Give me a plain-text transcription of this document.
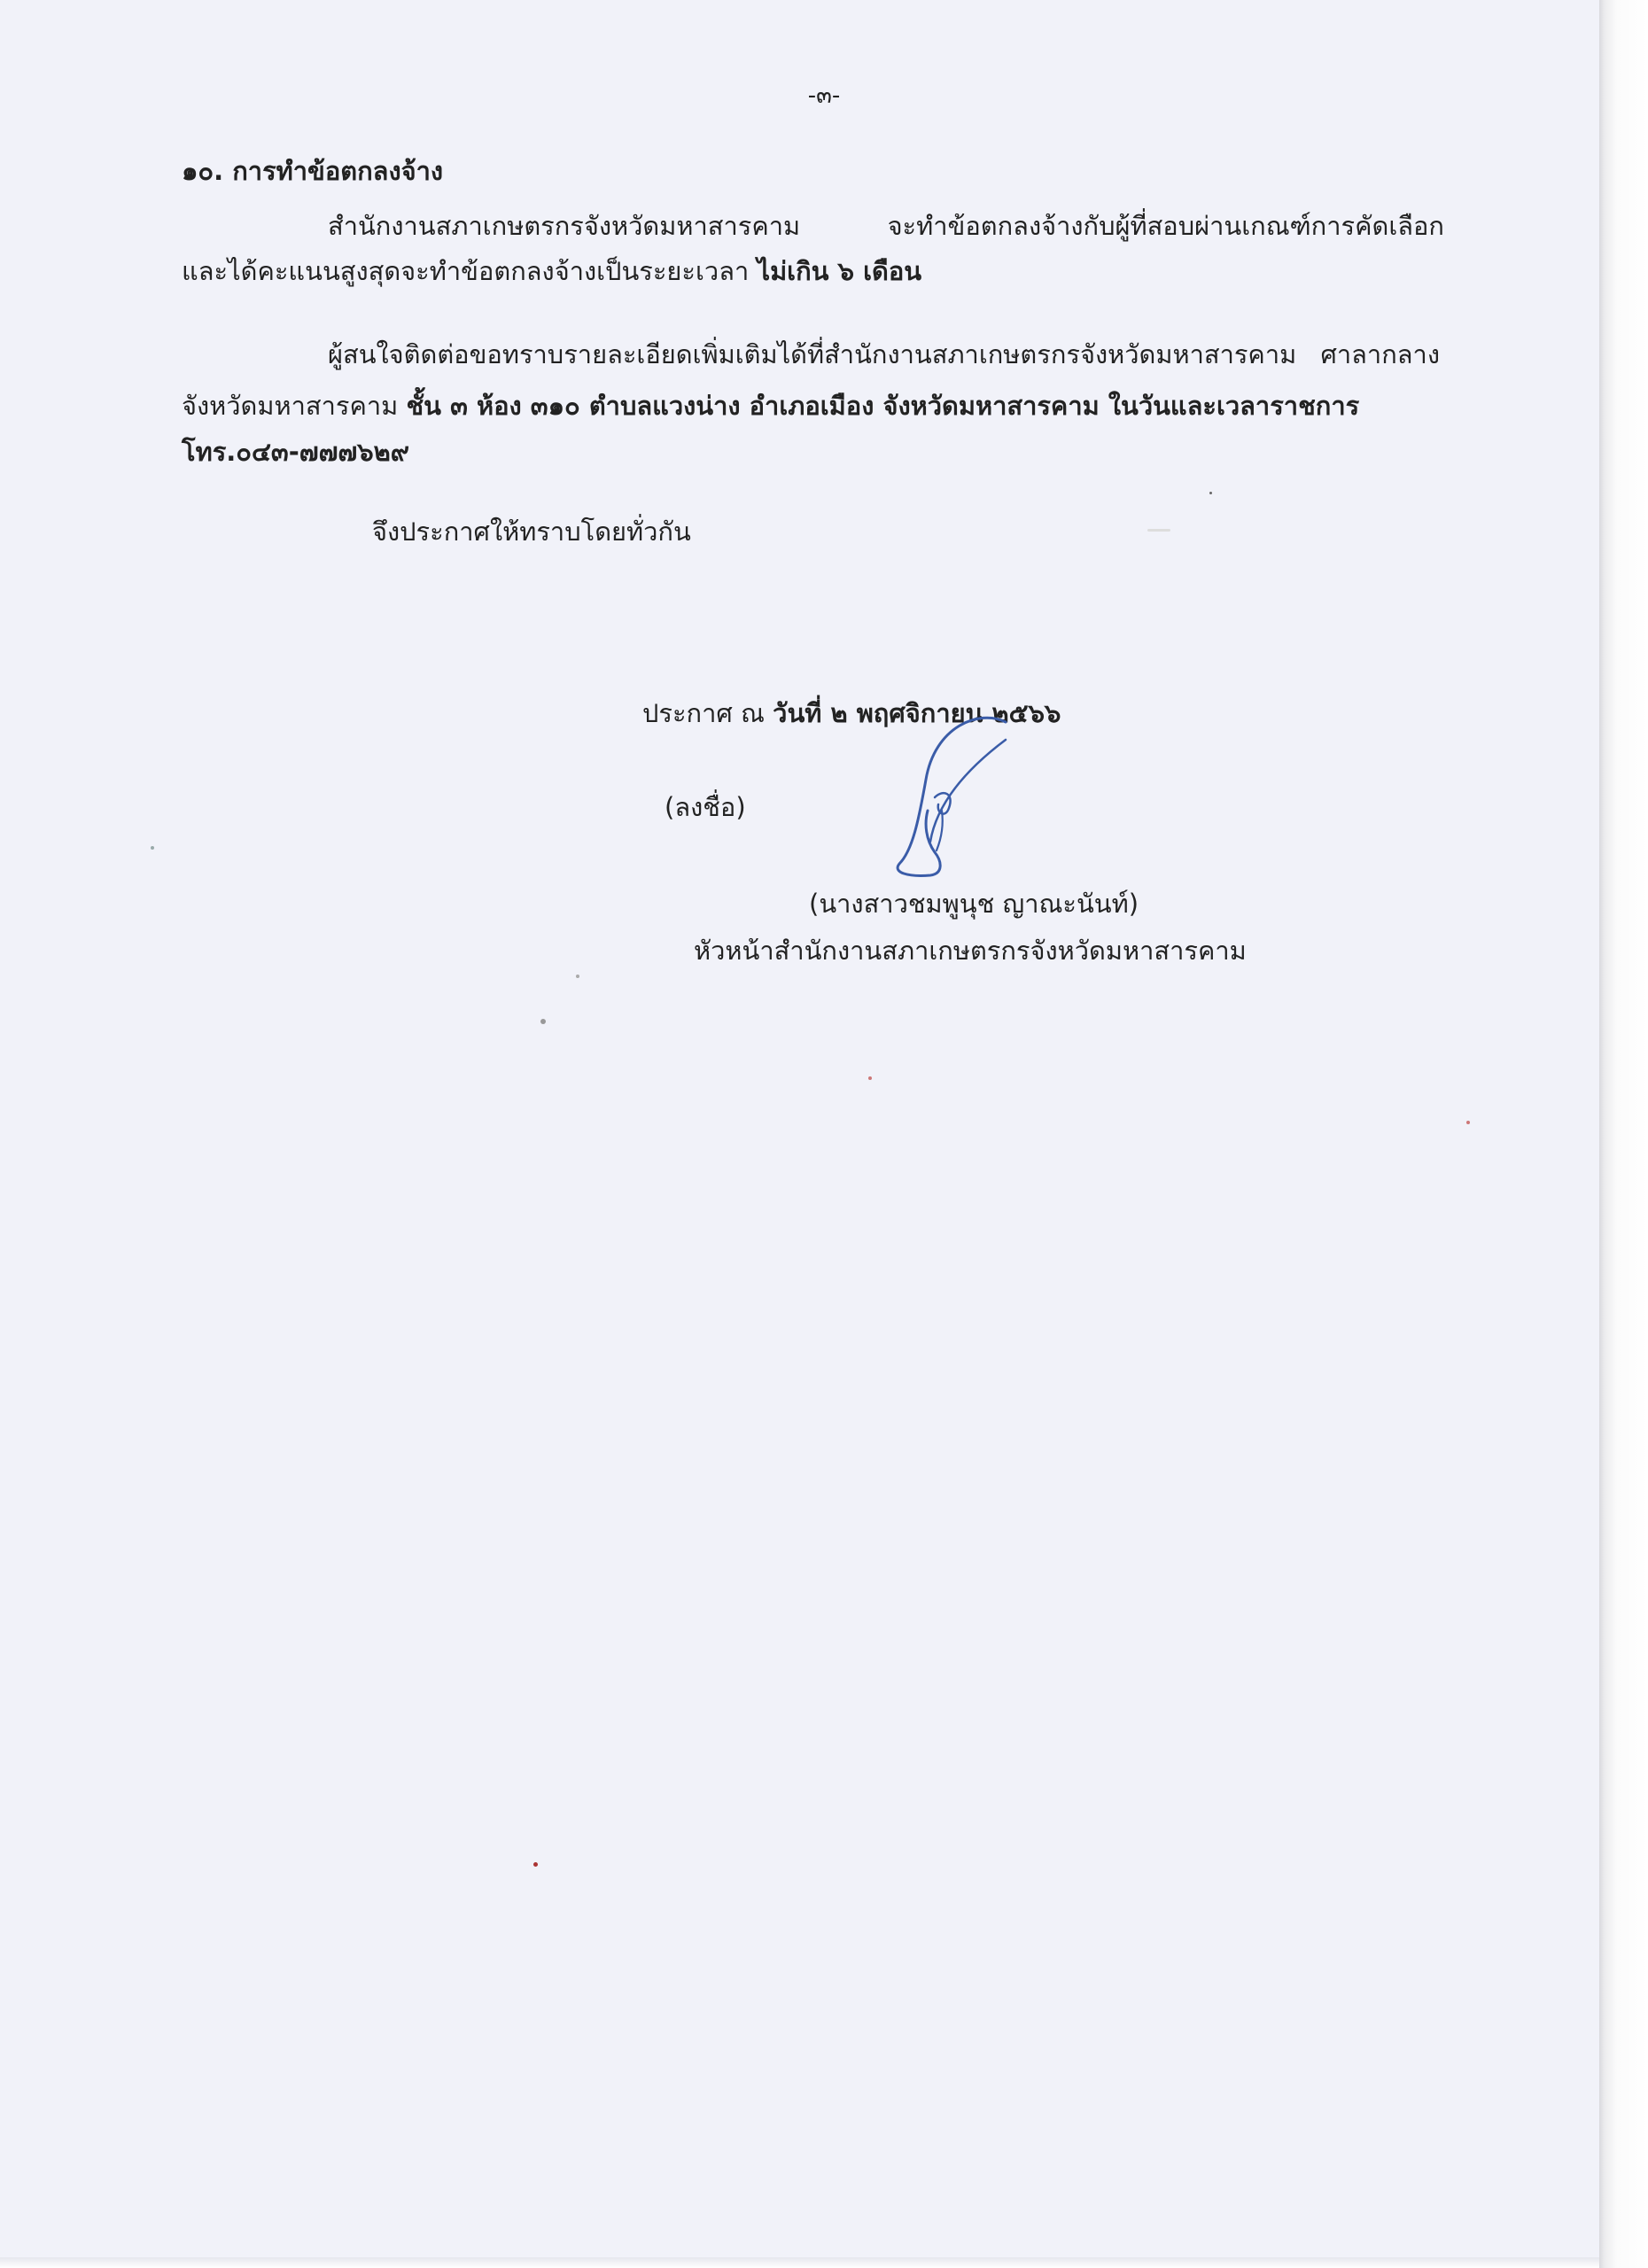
-๓-
๑๐. การทำข้อตกลงจ้าง
สำนักงานสภาเกษตรกรจังหวัดมหาสารคาม จะทำข้อตกลงจ้างกับผู้ที่สอบผ่านเกณฑ์การคัดเลือก
และได้คะแนนสูงสุดจะทำข้อตกลงจ้างเป็นระยะเวลา ไม่เกิน ๖ เดือน
ผู้สนใจติดต่อขอทราบรายละเอียดเพิ่มเติมได้ที่สำนักงานสภาเกษตรกรจังหวัดมหาสารคาม ศาลากลาง
จังหวัดมหาสารคาม ชั้น ๓ ห้อง ๓๑๐ ตำบลแวงน่าง อำเภอเมือง จังหวัดมหาสารคาม ในวันและเวลาราชการ
โทร.๐๔๓-๗๗๗๖๒๙
จึงประกาศให้ทราบโดยทั่วกัน
ประกาศ ณ วันที่ ๒ พฤศจิกายน ๒๕๖๖
(ลงชื่อ)
(นางสาวชมพูนุช ญาณะนันท์)
หัวหน้าสำนักงานสภาเกษตรกรจังหวัดมหาสารคาม
